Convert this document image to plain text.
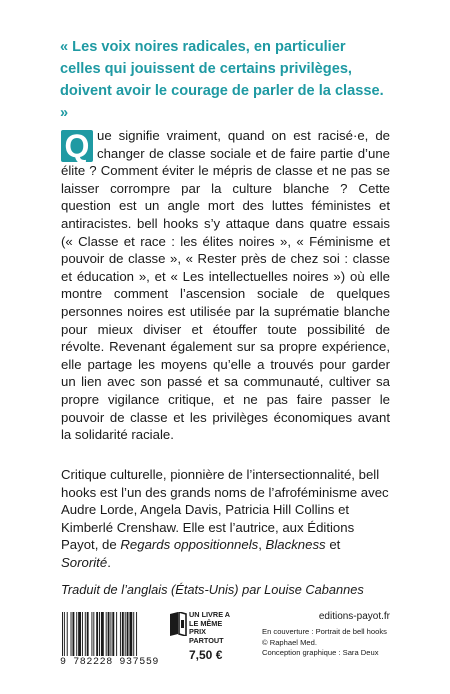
« Les voix noires radicales, en particulier celles qui jouissent de certains privilèges, doivent avoir le courage de parler de la classe. »

Q ue signifie vraiment, quand on est racisé·e, de changer de classe sociale et de faire partie d’une élite ? Comment éviter le mépris de classe et ne pas se laisser corrompre par la culture blanche ? Cette question est un angle mort des luttes féministes et antiracistes. bell hooks s’y attaque dans quatre essais (« Classe et race : les élites noires », « Féminisme et pouvoir de classe », « Rester près de chez soi : classe et éducation », et « Les intellectuelles noires ») où elle montre comment l’ascension sociale de quelques personnes noires est utilisée par la suprématie blanche pour mieux diviser et étouffer toute possibilité de révolte. Revenant également sur sa propre expérience, elle partage les moyens qu’elle a trouvés pour garder un lien avec son passé et sa communauté, cultiver sa propre vigilance critique, et ne pas faire passer le pouvoir de classe et les privilèges économiques avant la solidarité raciale.

Critique culturelle, pionnière de l’intersectionnalité, bell hooks est l’un des grands noms de l’afroféminisme avec Audre Lorde, Angela Davis, Patricia Hill Collins et Kimberlé Crenshaw. Elle est l’autrice, aux Éditions Payot, de Regards oppositionnels, Blackness et Sororité.

Traduit de l’anglais (États-Unis) par Louise Cabannes

editions-payot.fr

9 782228 937559
UN LIVRE A
LE MÊME PRIX
PARTOUT
7,50 €
En couverture : Portrait de bell hooks
© Raphael Med.
Conception graphique : Sara Deux
